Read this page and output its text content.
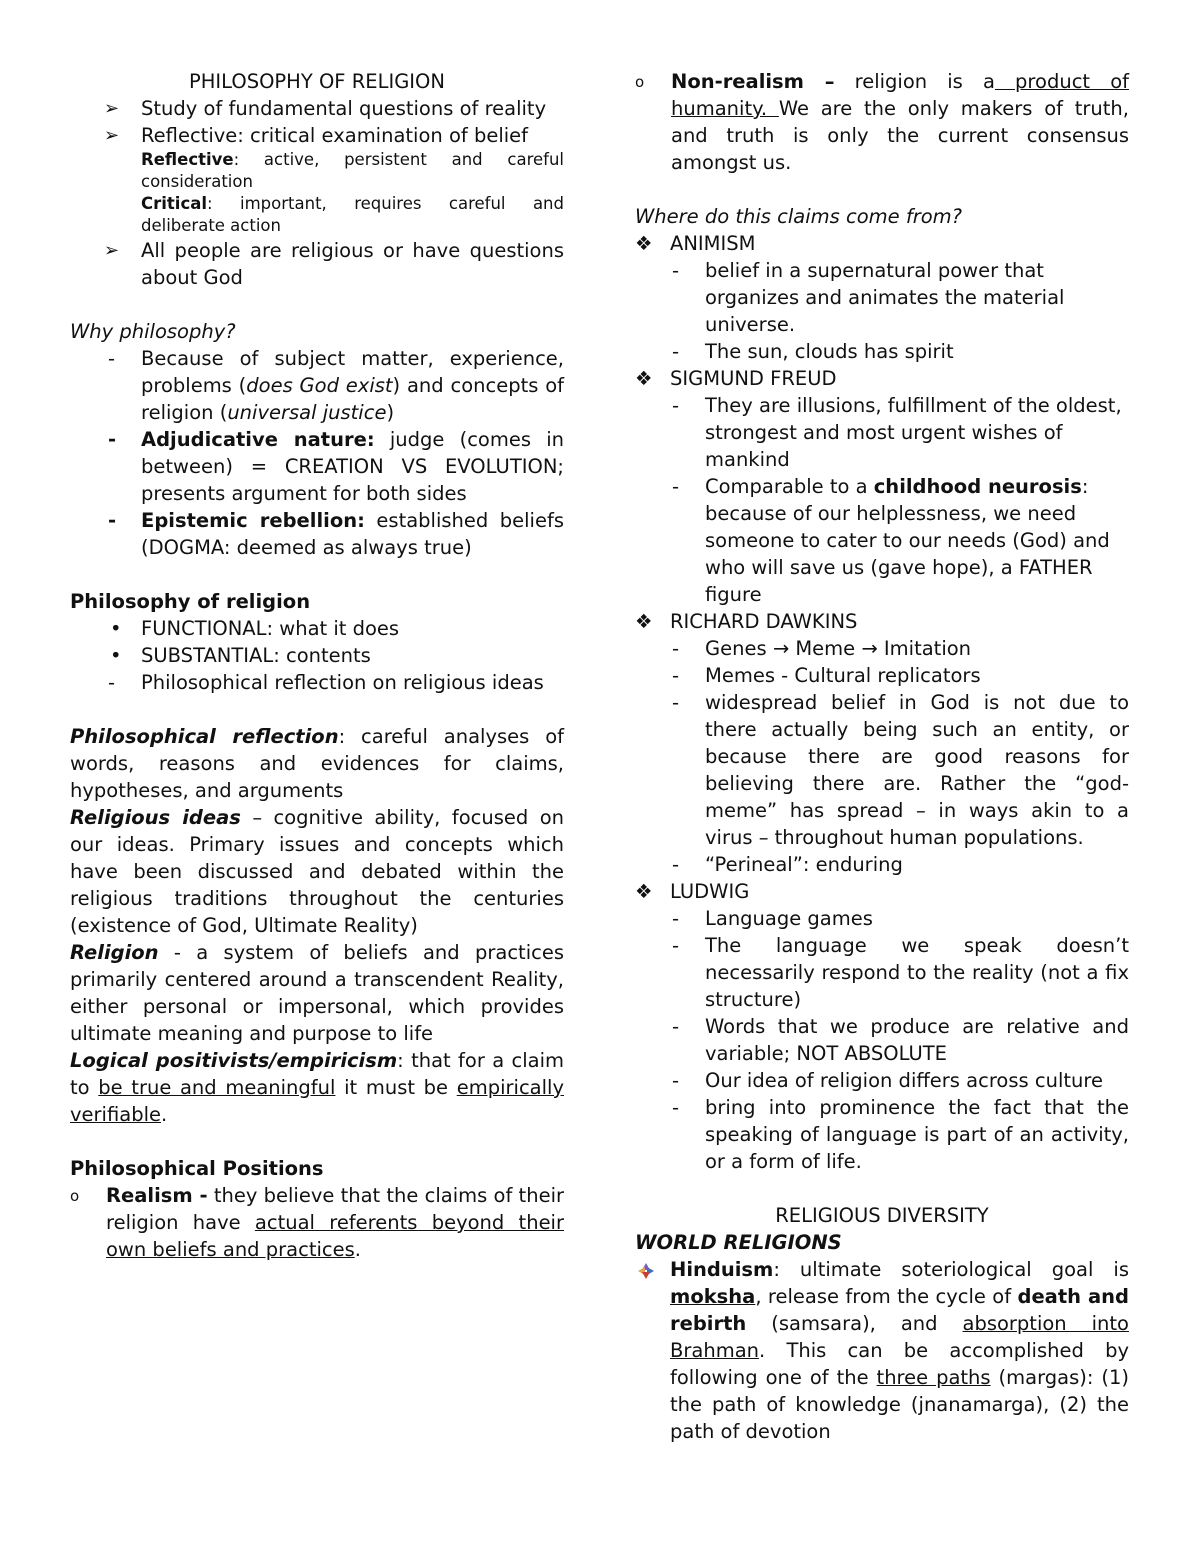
PHILOSOPHY OF RELIGION

➢ Study of fundamental questions of reality
➢ Reflective: critical examination of belief
Reflective: active, persistent and careful consideration
Critical: important, requires careful and deliberate action
➢ All people are religious or have questions about God

Why philosophy?

- Because of subject matter, experience, problems (does God exist) and concepts of religion (universal justice)
- Adjudicative nature: judge (comes in between) = CREATION VS EVOLUTION; presents argument for both sides
- Epistemic rebellion: established beliefs (DOGMA: deemed as always true)

Philosophy of religion

• FUNCTIONAL: what it does
• SUBSTANTIAL: contents
- Philosophical reflection on religious ideas

Philosophical reflection: careful analyses of words, reasons and evidences for claims, hypotheses, and arguments

Religious ideas – cognitive ability, focused on our ideas. Primary issues and concepts which have been discussed and debated within the religious traditions throughout the centuries (existence of God, Ultimate Reality)

Religion - a system of beliefs and practices primarily centered around a transcendent Reality, either personal or impersonal, which provides ultimate meaning and purpose to life

Logical positivists/empiricism: that for a claim to be true and meaningful it must be empirically verifiable.

Philosophical Positions

o Realism - they believe that the claims of their religion have actual referents beyond their own beliefs and practices.
o Non-realism – religion is a product of humanity. We are the only makers of truth, and truth is only the current consensus amongst us.

Where do this claims come from?

❖ ANIMISM
- belief in a supernatural power that organizes and animates the material universe.
- The sun, clouds has spirit
❖ SIGMUND FREUD
- They are illusions, fulfillment of the oldest, strongest and most urgent wishes of mankind
- Comparable to a childhood neurosis: because of our helplessness, we need someone to cater to our needs (God) and who will save us (gave hope), a FATHER figure
❖ RICHARD DAWKINS
- Genes → Meme → Imitation
- Memes - Cultural replicators
- widespread belief in God is not due to there actually being such an entity, or because there are good reasons for believing there are. Rather the “god-meme” has spread – in ways akin to a virus – throughout human populations.
- “Perineal”: enduring
❖ LUDWIG
- Language games
- The language we speak doesn’t necessarily respond to the reality (not a fix structure)
- Words that we produce are relative and variable; NOT ABSOLUTE
- Our idea of religion differs across culture
- bring into prominence the fact that the speaking of language is part of an activity, or a form of life.

RELIGIOUS DIVERSITY

WORLD RELIGIONS

Hinduism: ultimate soteriological goal is moksha, release from the cycle of death and rebirth (samsara), and absorption into Brahman. This can be accomplished by following one of the three paths (margas): (1) the path of knowledge (jnanamarga), (2) the path of devotion
